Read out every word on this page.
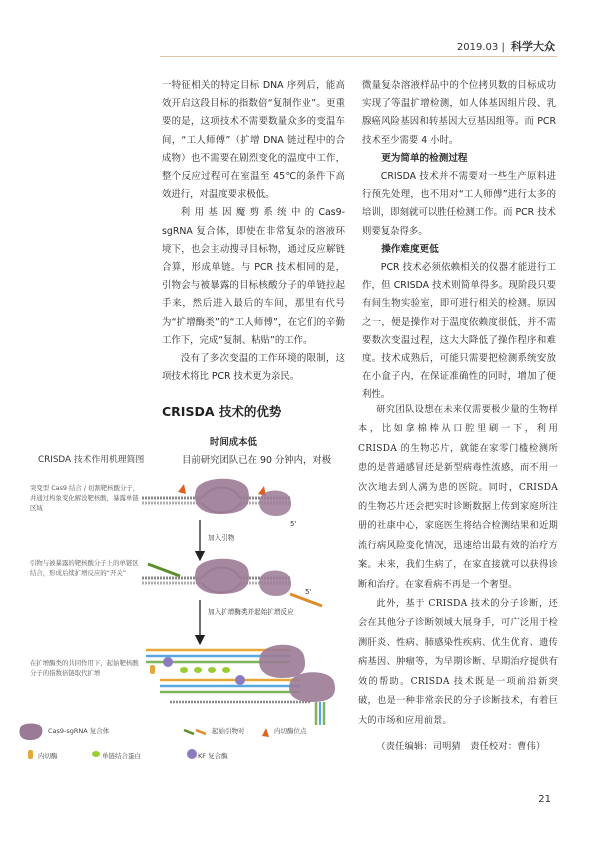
2019.03 | 科学大众

一特征相关的特定目标 DNA 序列后，能高效开启这段目标的指数倍“复制作业”。更重要的是，这项技术不需要数量众多的变温车间，“工人师傅”（扩增 DNA 链过程中的合成物）也不需要在剧烈变化的温度中工作，整个反应过程可在室温至 45℃的条件下高效进行，对温度要求极低。

利 用 基 因 魔 剪 系 统 中 的 Cas9-sgRNA 复合体，即使在非常复杂的溶液环境下，也会主动搜寻目标物，通过反应解链合算，形成单链。与 PCR 技术相同的是，引物会与被暴露的目标核酸分子的单链拉起手来，然后进入最后的车间，那里有代号为“扩增酶类”的“工人师傅”，在它们的辛勤工作下，完成“复制、粘贴”的工作。

没有了多次变温的工作环境的限制，这项技术将比 PCR 技术更为亲民。

微量复杂溶液样品中的个位拷贝数的目标成功实现了等温扩增检测，如人体基因组片段、乳腺癌风险基因和转基因大豆基因组等。而 PCR 技术至少需要 4 小时。

更为简单的检测过程

CRISDA 技术并不需要对一些生产原料进行预先处理，也不用对“工人师傅”进行太多的培训，即刻就可以胜任检测工作。而 PCR 技术则要复杂得多。

操作难度更低

PCR 技术必须依赖相关的仪器才能进行工作，但 CRISDA 技术则简单得多。现阶段只要有间生物实验室，即可进行相关的检测。原因之一，便是操作对于温度依赖度很低，并不需要数次变温过程，这大大降低了操作程序和难度。技术成熟后，可能只需要把检测系统安放在小盒子内，在保证准确性的同时，增加了便利性。

CRISDA 技术的优势
时间成本低
目前研究团队已在 90 分钟内，对极

研究团队设想在未来仅需要极少量的生物样本，比如拿棉棒从口腔里刷一下，利用 CRISDA 的生物芯片，就能在家零门槛检测所患的是普通感冒还是新型病毒性流感，而不用一次次地去到人满为患的医院。同时，CRISDA 的生物芯片还会把实时诊断数据上传到家庭所注册的社康中心，家庭医生将结合检测结果和近期流行病风险变化情况，迅速给出最有效的治疗方案。未来，我们生病了，在家直接就可以获得诊断和治疗。在家看病不再是一个奢望。

此外，基于 CRISDA 技术的分子诊断，还会在其他分子诊断领域大展身手，可广泛用于检测肝炎、性病、肺感染性疾病、优生优育、遗传病基因、肿瘤等，为早期诊断、早期治疗提供有效的帮助。CRISDA 技术既是一项前沿新突破，也是一种非常亲民的分子诊断技术，有着巨大的市场和应用前景。

（责任编辑：司明猜　责任校对：曹伟）

CRISDA 技术作用机理简图
突变型 Cas9 结合 / 切割靶核酸分子，并通过构象变化解没靶核酸，暴露单链区域
引物与被暴露的靶核酸分子上的单链区结合，形成后续扩增反应的“开关”
在扩增酶类的共同作用下，起始靶核酸分子的指数倍链取代扩增
5'
加入引物
5'
加入扩增酶类并起始扩增反应
Cas9-sgRNA 复合体	起始引物对	内切酶位点
内切酶	单链结合蛋白	KF 复合酶
21
